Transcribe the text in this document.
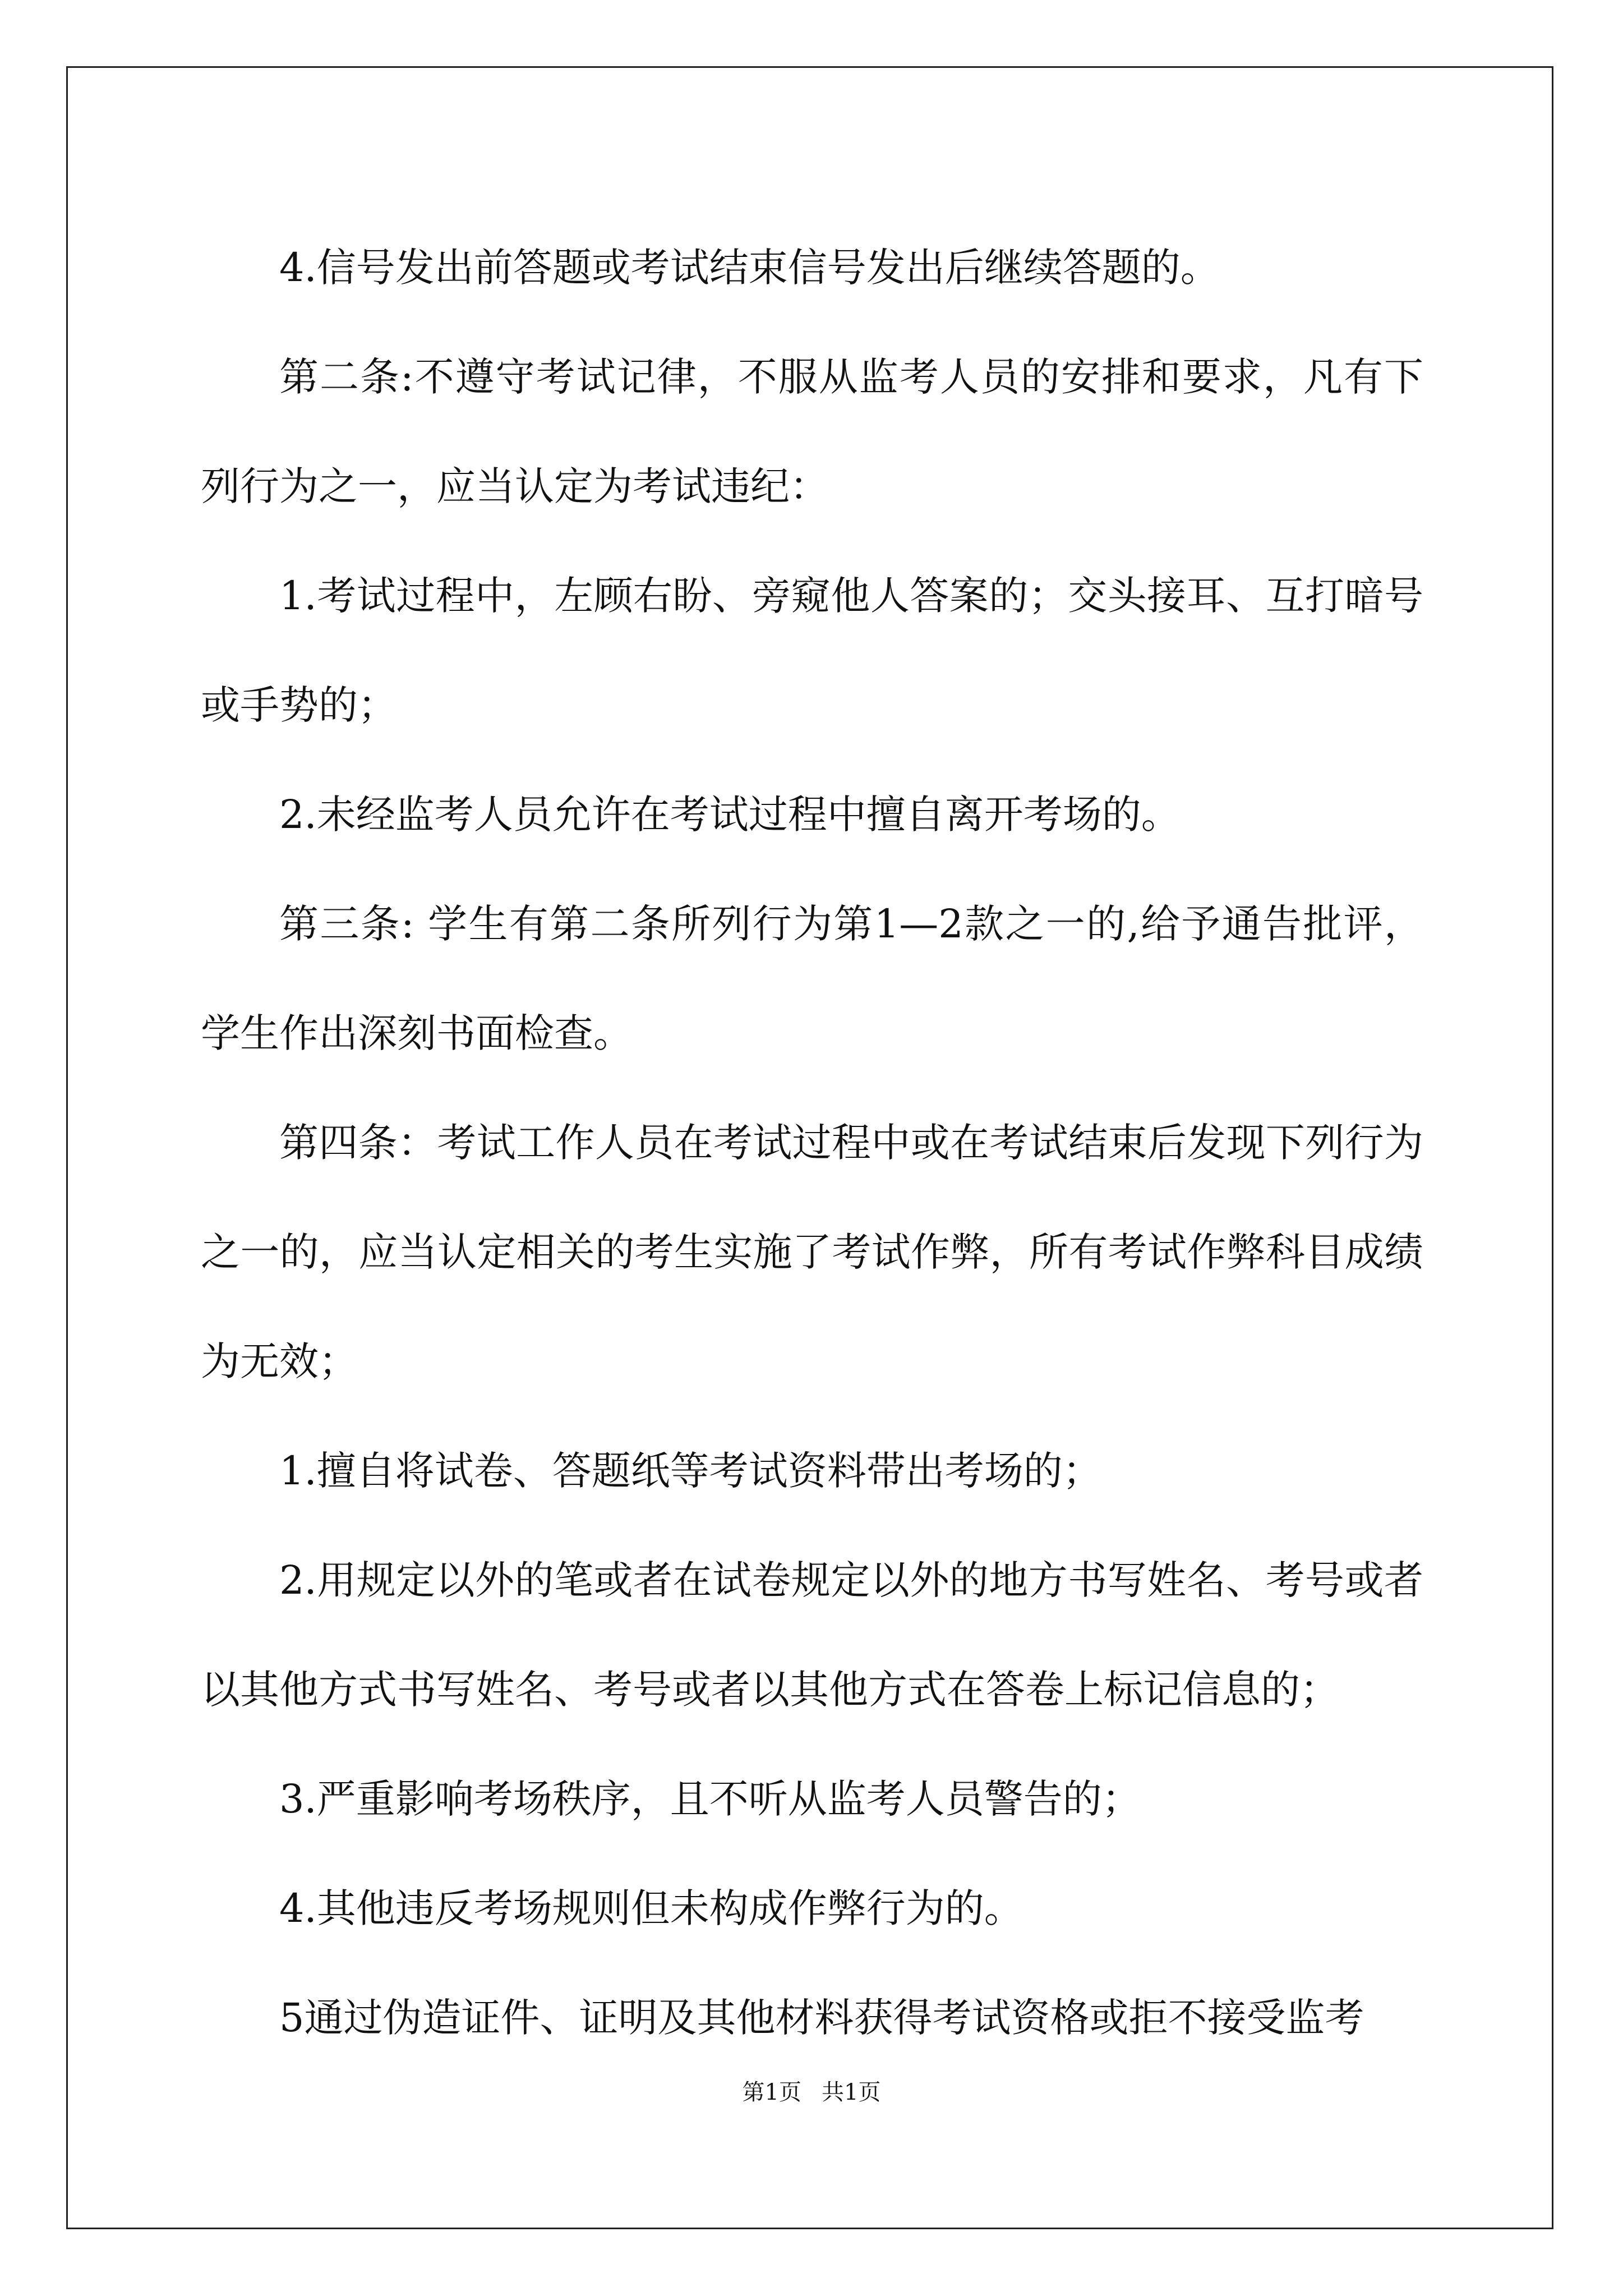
4.信号发出前答题或考试结束信号发出后继续答题的。

第二条:不遵守考试记律，不服从监考人员的安排和要求，凡有下列行为之一，应当认定为考试违纪：

1.考试过程中，左顾右盼、旁窥他人答案的；交头接耳、互打暗号或手势的；

2.未经监考人员允许在考试过程中擅自离开考场的。

第三条: 学生有第二条所列行为第1—2款之一的,给予通告批评，学生作出深刻书面检查。

第四条：考试工作人员在考试过程中或在考试结束后发现下列行为之一的，应当认定相关的考生实施了考试作弊，所有考试作弊科目成绩为无效；

1.擅自将试卷、答题纸等考试资料带出考场的；

2.用规定以外的笔或者在试卷规定以外的地方书写姓名、考号或者以其他方式书写姓名、考号或者以其他方式在答卷上标记信息的；

3.严重影响考场秩序，且不听从监考人员警告的；

4.其他违反考场规则但未构成作弊行为的。

5通过伪造证件、证明及其他材料获得考试资格或拒不接受监考

第1页 共1页
